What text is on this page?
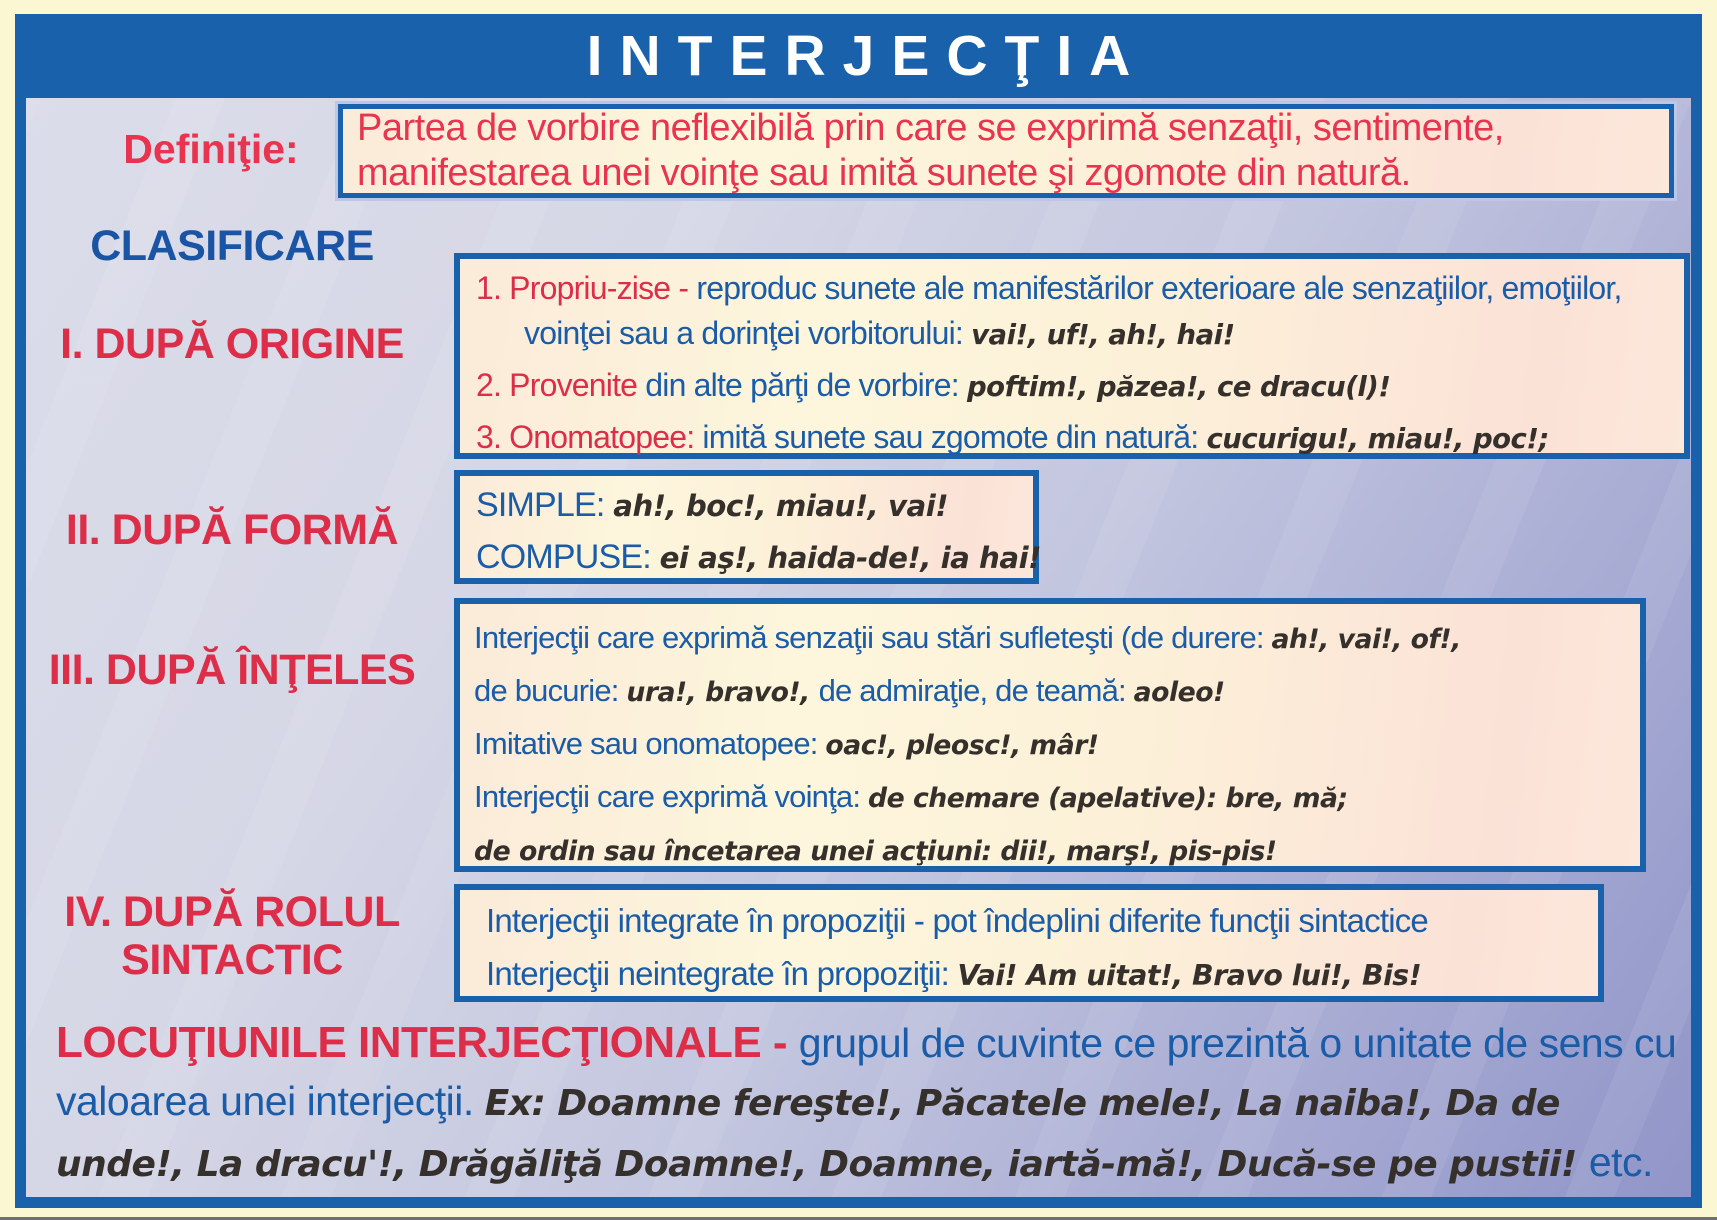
INTERJECŢIA
Definiţie:	Partea de vorbire neflexibilă prin care se exprimă senzaţii, sentimente, manifestarea unei voinţe sau imită sunete şi zgomote din natură.

CLASIFICARE
I. DUPĂ ORIGINE

1. Propriu-zise - reproduc sunete ale manifestărilor exterioare ale senzaţiilor, emoţiilor, voinţei sau a dorinţei vorbitorului: vai!, uf!, ah!, hai!

2. Provenite din alte părţi de vorbire: poftim!, păzea!, ce dracu(l)!

3. Onomatopee: imită sunete sau zgomote din natură: cucurigu!, miau!, poc!;

II. DUPĂ FORMĂ

SIMPLE: ah!, boc!, miau!, vai!

COMPUSE: ei aş!, haida-de!, ia hai!

III. DUPĂ ÎNŢELES

Interjecţii care exprimă senzaţii sau stări sufleteşti (de durere: ah!, vai!, of!,

de bucurie: ura!, bravo!, de admiraţie, de teamă: aoleo!

Imitative sau onomatopee: oac!, pleosc!, mâr!

Interjecţii care exprimă voinţa: de chemare (apelative): bre, mă;

de ordin sau încetarea unei acţiuni: dii!, marş!, pis-pis!

IV. DUPĂ ROLUL
SINTACTIC

Interjecţii integrate în propoziţii - pot îndeplini diferite funcţii sintactice

Interjecţii neintegrate în propoziţii: Vai! Am uitat!, Bravo lui!, Bis!

LOCUŢIUNILE INTERJECŢIONALE - grupul de cuvinte ce prezintă o unitate de sens cu valoarea unei interjecţii. Ex: Doamne fereşte!, Păcatele mele!, La naiba!, Da de unde!, La dracu'!, Drăgăliţă Doamne!, Doamne, iartă-mă!, Ducă-se pe pustii! etc.
